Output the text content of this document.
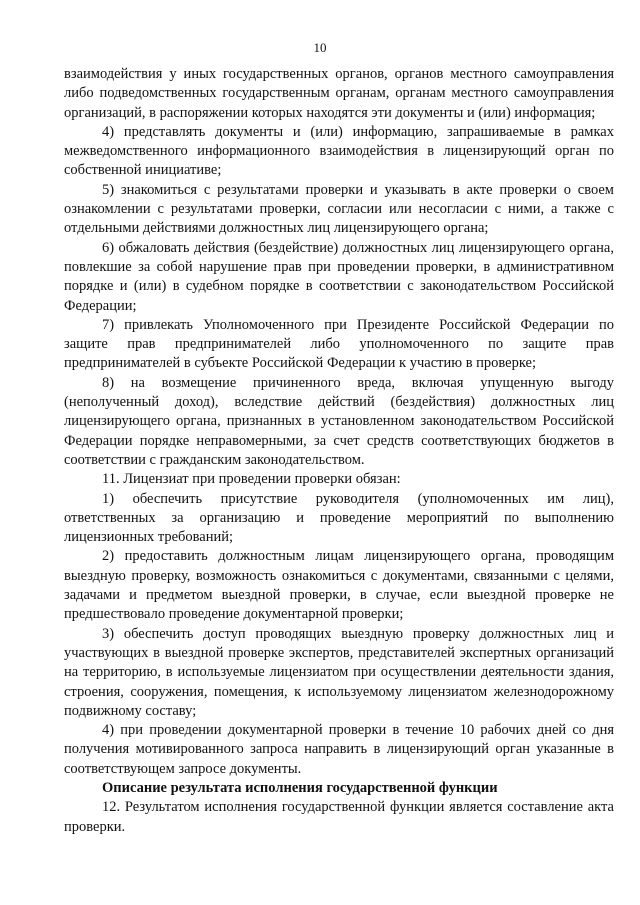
10

взаимодействия у иных государственных органов, органов местного самоуправления либо подведомственных государственным органам, органам местного самоуправления организаций, в распоряжении которых находятся эти документы и (или) информация;

4) представлять документы и (или) информацию, запрашиваемые в рамках межведомственного информационного взаимодействия в лицензирующий орган по собственной инициативе;

5) знакомиться с результатами проверки и указывать в акте проверки о своем ознакомлении с результатами проверки, согласии или несогласии с ними, а также с отдельными действиями должностных лиц лицензирующего органа;

6) обжаловать действия (бездействие) должностных лиц лицензирующего органа, повлекшие за собой нарушение прав при проведении проверки, в административном порядке и (или) в судебном порядке в соответствии с законодательством Российской Федерации;

7) привлекать Уполномоченного при Президенте Российской Федерации по защите прав предпринимателей либо уполномоченного по защите прав предпринимателей в субъекте Российской Федерации к участию в проверке;

8) на возмещение причиненного вреда, включая упущенную выгоду (неполученный доход), вследствие действий (бездействия) должностных лиц лицензирующего органа, признанных в установленном законодательством Российской Федерации порядке неправомерными, за счет средств соответствующих бюджетов в соответствии с гражданским законодательством.

11. Лицензиат при проведении проверки обязан:

1) обеспечить присутствие руководителя (уполномоченных им лиц), ответственных за организацию и проведение мероприятий по выполнению лицензионных требований;

2) предоставить должностным лицам лицензирующего органа, проводящим выездную проверку, возможность ознакомиться с документами, связанными с целями, задачами и предметом выездной проверки, в случае, если выездной проверке не предшествовало проведение документарной проверки;

3) обеспечить доступ проводящих выездную проверку должностных лиц и участвующих в выездной проверке экспертов, представителей экспертных организаций на территорию, в используемые лицензиатом при осуществлении деятельности здания, строения, сооружения, помещения, к используемому лицензиатом железнодорожному подвижному составу;

4) при проведении документарной проверки в течение 10 рабочих дней со дня получения мотивированного запроса направить в лицензирующий орган указанные в соответствующем запросе документы.

Описание результата исполнения государственной функции

12. Результатом исполнения государственной функции является составление акта проверки.
